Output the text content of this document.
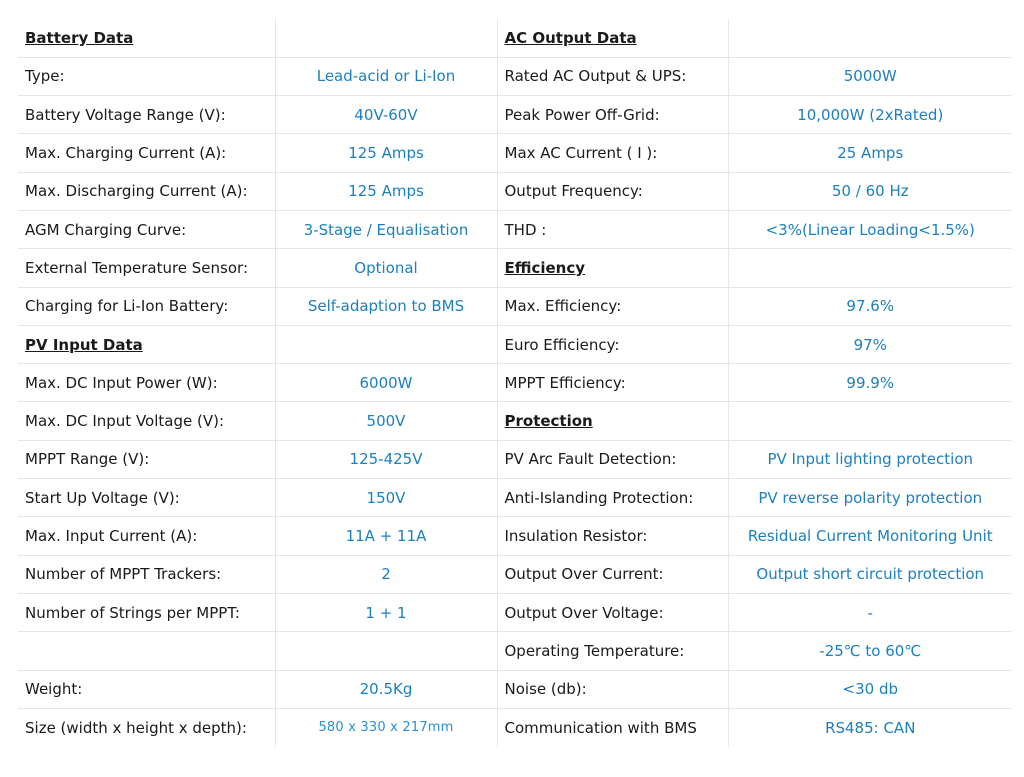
Battery Data		AC Output Data	
Type:	Lead-acid or Li-Ion	Rated AC Output & UPS:	5000W
Battery Voltage Range (V):	40V-60V	Peak Power Off-Grid:	10,000W (2xRated)
Max. Charging Current (A):	125 Amps	Max AC Current ( I ):	25 Amps
Max. Discharging Current (A):	125 Amps	Output Frequency:	50 / 60 Hz
AGM Charging Curve:	3-Stage / Equalisation	THD :	<3%(Linear Loading<1.5%)
External Temperature Sensor:	Optional	Efficiency	
Charging for Li-Ion Battery:	Self-adaption to BMS	Max. Efficiency:	97.6%
PV Input Data		Euro Efficiency:	97%
Max. DC Input Power (W):	6000W	MPPT Efficiency:	99.9%
Max. DC Input Voltage (V):	500V	Protection	
MPPT Range (V):	125-425V	PV Arc Fault Detection:	PV Input lighting protection
Start Up Voltage (V):	150V	Anti-Islanding Protection:	PV reverse polarity protection
Max. Input Current (A):	11A + 11A	Insulation Resistor:	Residual Current Monitoring Unit
Number of MPPT Trackers:	2	Output Over Current:	Output short circuit protection
Number of Strings per MPPT:	1 + 1	Output Over Voltage:	-
		Operating Temperature:	-25℃ to 60℃
Weight:	20.5Kg	Noise (db):	<30 db
Size (width x height x depth):	580 x 330 x 217mm	Communication with BMS	RS485: CAN
